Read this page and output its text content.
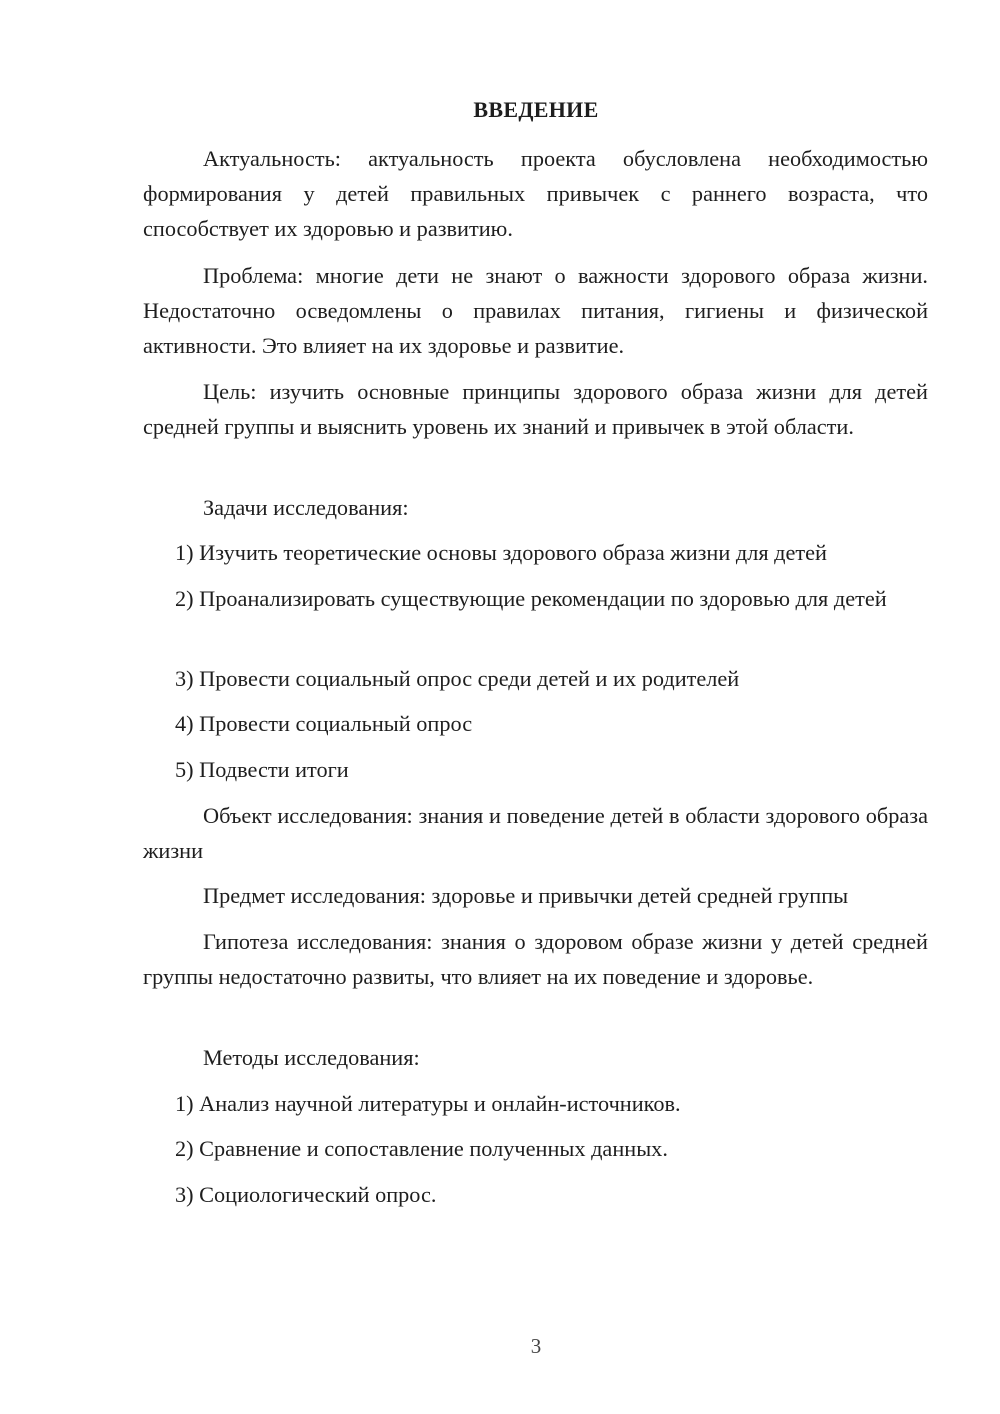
ВВЕДЕНИЕ

Актуальность: актуальность проекта обусловлена необходимостью формирования у детей правильных привычек с раннего возраста, что способствует их здоровью и развитию.

Проблема: многие дети не знают о важности здорового образа жизни. Недостаточно осведомлены о правилах питания, гигиены и физической активности. Это влияет на их здоровье и развитие.

Цель: изучить основные принципы здорового образа жизни для детей средней группы и выяснить уровень их знаний и привычек в этой области.

Задачи исследования:

1) Изучить теоретические основы здорового образа жизни для детей

2) Проанализировать существующие рекомендации по здоровью для детей

3) Провести социальный опрос среди детей и их родителей

4) Провести социальный опрос

5) Подвести итоги

Объект исследования: знания и поведение детей в области здорового образа жизни

Предмет исследования: здоровье и привычки детей средней группы

Гипотеза исследования: знания о здоровом образе жизни у детей средней группы недостаточно развиты, что влияет на их поведение и здоровье.

Методы исследования:

1) Анализ научной литературы и онлайн-источников.

2) Сравнение и сопоставление полученных данных.

3) Социологический опрос.

3
